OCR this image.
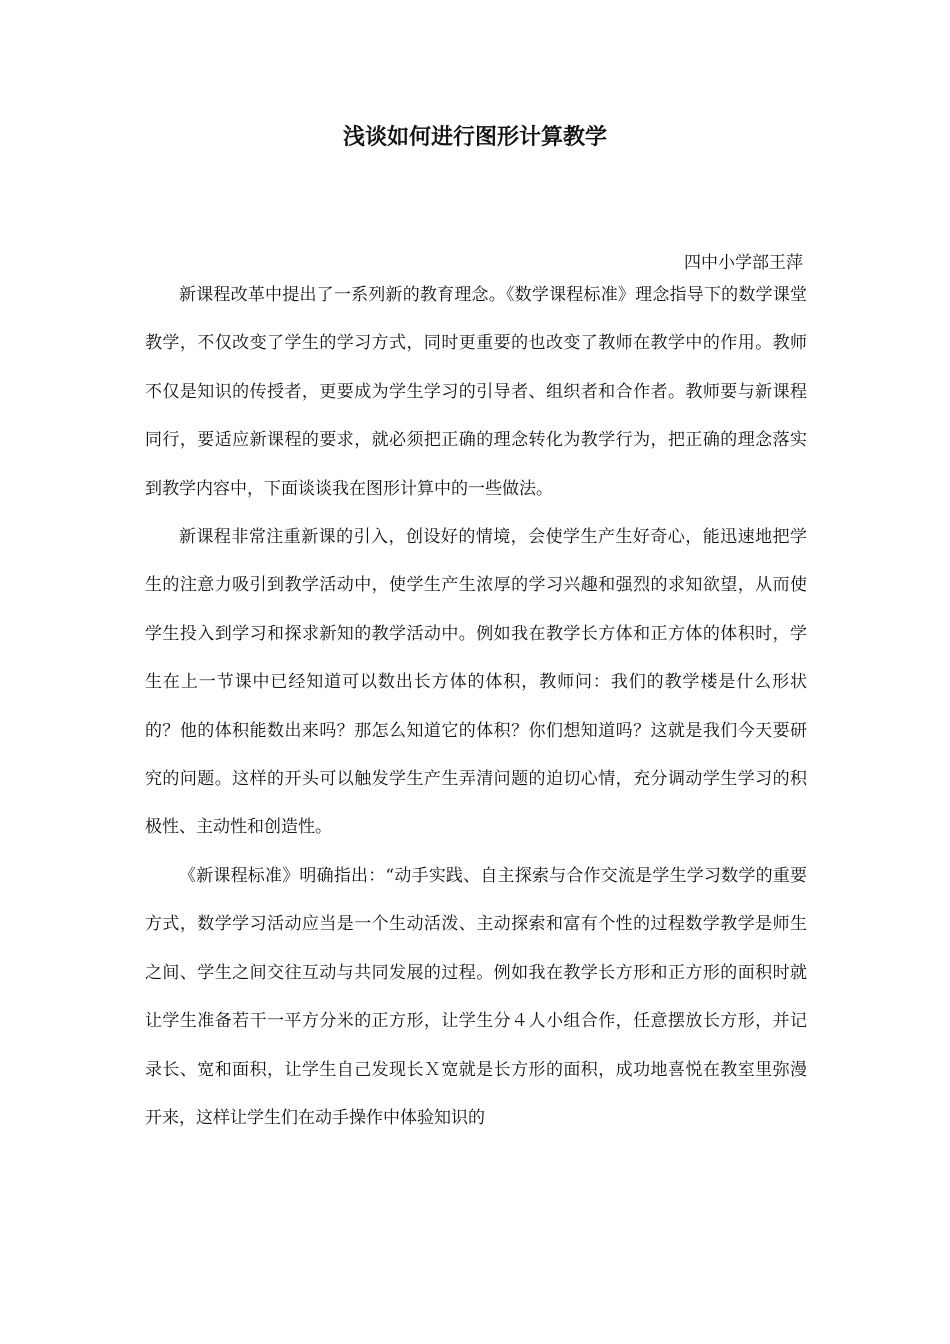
浅谈如何进行图形计算教学
四中小学部王萍

新课程改革中提出了一系列新的教育理念。《数学课程标准》理念指导下的数学课堂教学，不仅改变了学生的学习方式，同时更重要的也改变了教师在教学中的作用。教师不仅是知识的传授者，更要成为学生学习的引导者、组织者和合作者。教师要与新课程同行，要适应新课程的要求，就必须把正确的理念转化为教学行为，把正确的理念落实到教学内容中，下面谈谈我在图形计算中的一些做法。

新课程非常注重新课的引入，创设好的情境，会使学生产生好奇心，能迅速地把学生的注意力吸引到教学活动中，使学生产生浓厚的学习兴趣和强烈的求知欲望，从而使学生投入到学习和探求新知的教学活动中。例如我在教学长方体和正方体的体积时，学生在上一节课中已经知道可以数出长方体的体积，教师问：我们的教学楼是什么形状的？他的体积能数出来吗？那怎么知道它的体积？你们想知道吗？这就是我们今天要研究的问题。这样的开头可以触发学生产生弄清问题的迫切心情，充分调动学生学习的积极性、主动性和创造性。

《新课程标准》明确指出：“动手实践、自主探索与合作交流是学生学习数学的重要方式，数学学习活动应当是一个生动活泼、主动探索和富有个性的过程数学教学是师生之间、学生之间交往互动与共同发展的过程。例如我在教学长方形和正方形的面积时就让学生准备若干一平方分米的正方形，让学生分４人小组合作，任意摆放长方形，并记录长、宽和面积，让学生自己发现长Ｘ宽就是长方形的面积，成功地喜悦在教室里弥漫开来，这样让学生们在动手操作中体验知识的
